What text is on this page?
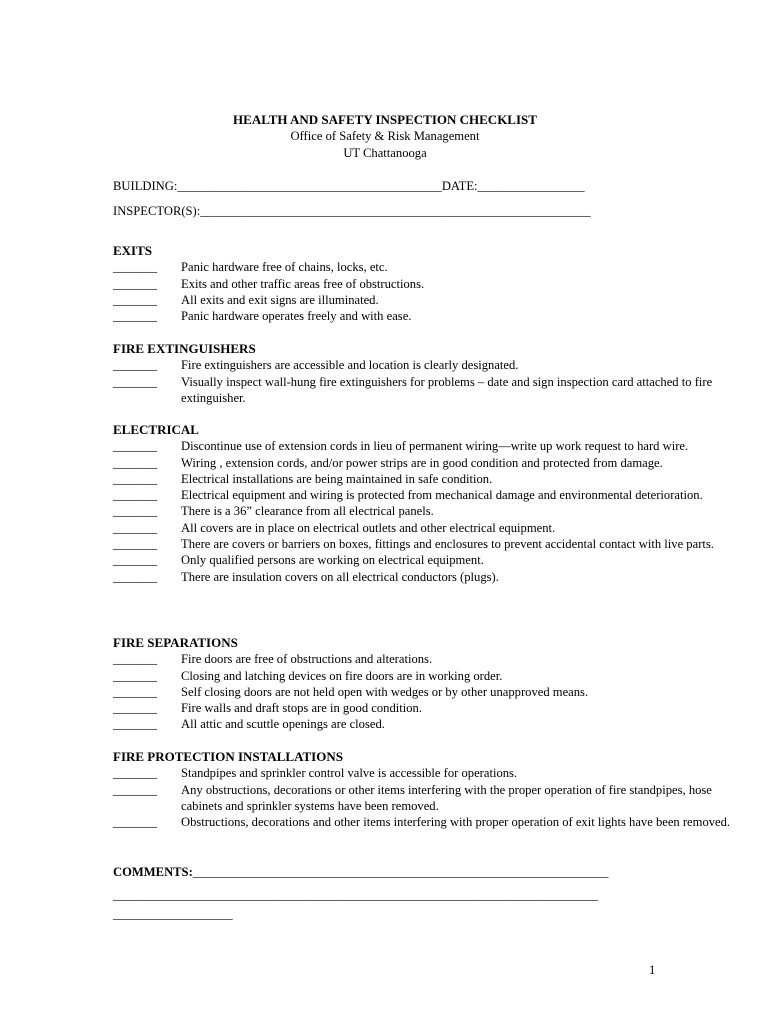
HEALTH AND SAFETY INSPECTION CHECKLIST
Office of Safety & Risk Management
UT Chattanooga
BUILDING:__________________________________________DATE:_________________
INSPECTOR(S):______________________________________________________________
EXITS
_______	Panic hardware free of chains, locks, etc.
_______	Exits and other traffic areas free of obstructions.
_______	All exits and exit signs are illuminated.
_______	Panic hardware operates freely and with ease.
FIRE EXTINGUISHERS
_______	Fire extinguishers are accessible and location is clearly designated.
_______	Visually inspect wall-hung fire extinguishers for problems – date and sign inspection card attached to fire extinguisher.
ELECTRICAL
_______	Discontinue use of extension cords in lieu of permanent wiring—write up work request to hard wire.
_______	Wiring , extension cords, and/or power strips are in good condition and protected from damage.
_______	Electrical installations are being maintained in safe condition.
_______	Electrical equipment and wiring is protected from mechanical damage and environmental deterioration.
_______	There is a 36” clearance from all electrical panels.
_______	All covers are in place on electrical outlets and other electrical equipment.
_______	There are covers or barriers on boxes, fittings and enclosures to prevent accidental contact with live parts.
_______	Only qualified persons are working on electrical equipment.
_______	There are insulation covers on all electrical conductors (plugs).
FIRE SEPARATIONS
_______	Fire doors are free of obstructions and alterations.
_______	Closing and latching devices on fire doors are in working order.
_______	Self closing doors are not held open with wedges or by other unapproved means.
_______	Fire walls and draft stops are in good condition.
_______	All attic and scuttle openings are closed.
FIRE PROTECTION INSTALLATIONS
_______	Standpipes and sprinkler control valve is accessible for operations.
_______	Any obstructions, decorations or other items interfering with the proper operation of fire standpipes, hose cabinets and sprinkler systems have been removed.
_______	Obstructions, decorations and other items interfering with proper operation of exit lights have been removed.
COMMENTS:__________________________________________________________________
_____________________________________________________________________________
___________________
1
